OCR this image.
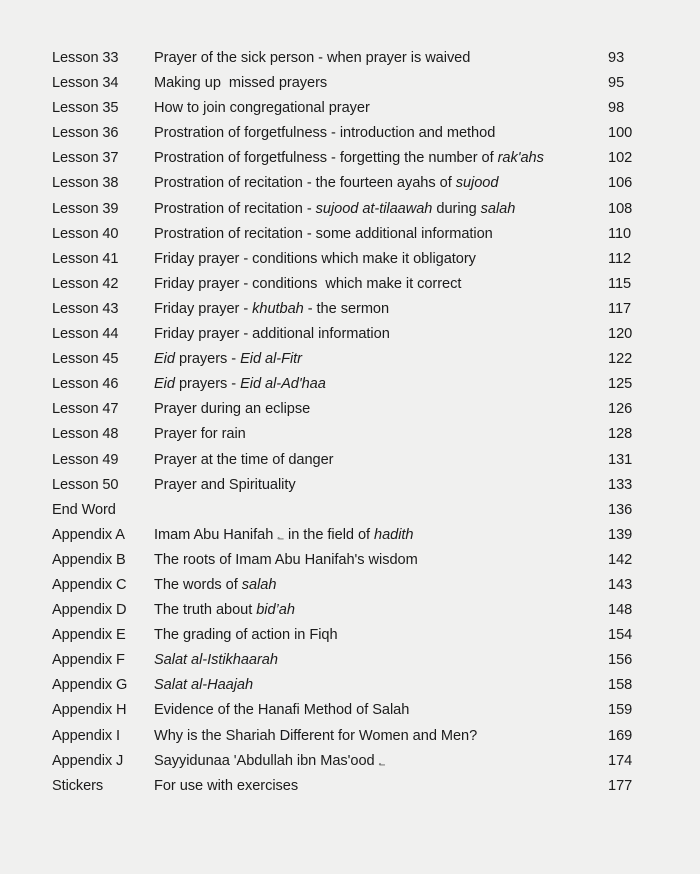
Lesson 33	Prayer of the sick person - when prayer is waived	93
Lesson 34	Making up  missed prayers	95
Lesson 35	How to join congregational prayer	98
Lesson 36	Prostration of forgetfulness - introduction and method	100
Lesson 37	Prostration of forgetfulness - forgetting the number of rak'ahs	102
Lesson 38	Prostration of recitation - the fourteen ayahs of sujood	106
Lesson 39	Prostration of recitation - sujood at-tilaawah during salah	108
Lesson 40	Prostration of recitation - some additional information	110
Lesson 41	Friday prayer - conditions which make it obligatory	112
Lesson 42	Friday prayer - conditions  which make it correct	115
Lesson 43	Friday prayer - khutbah - the sermon	117
Lesson 44	Friday prayer - additional information	120
Lesson 45	Eid prayers - Eid al-Fitr	122
Lesson 46	Eid prayers - Eid al-Ad'haa	125
Lesson 47	Prayer during an eclipse	126
Lesson 48	Prayer for rain	128
Lesson 49	Prayer at the time of danger	131
Lesson 50	Prayer and Spirituality	133
End Word	136
Appendix A	Imam Abu Hanifah ؂ in the field of hadith	139
Appendix B	The roots of Imam Abu Hanifah's wisdom	142
Appendix C	The words of salah	143
Appendix D	The truth about bid’ah	148
Appendix E	The grading of action in Fiqh	154
Appendix F	Salat al-Istikhaarah	156
Appendix G	Salat al-Haajah	158
Appendix H	Evidence of the Hanafi Method of Salah	159
Appendix I	Why is the Shariah Different for Women and Men?	169
Appendix J	Sayyidunaa 'Abdullah ibn Mas'ood ؂	174
Stickers	For use with exercises	177
